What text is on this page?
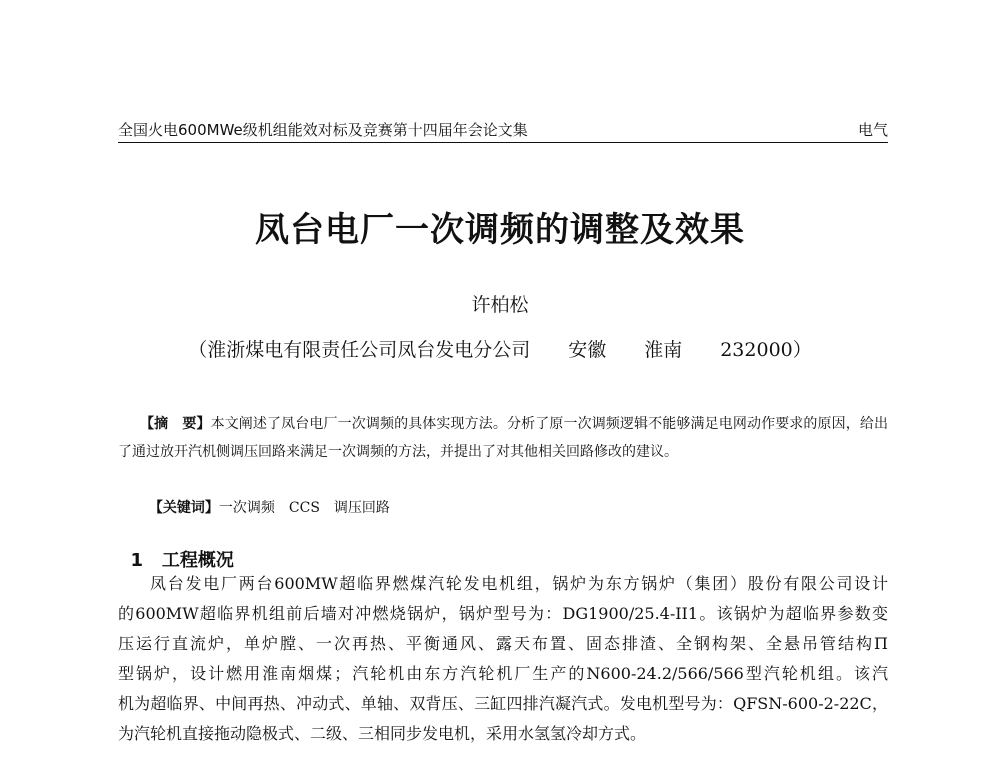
全国火电600MWe级机组能效对标及竞赛第十四届年会论文集	电气
凤台电厂一次调频的调整及效果
许柏松
（淮浙煤电有限责任公司凤台发电分公司　　安徽　　淮南　　232000）
【摘　要】本文阐述了凤台电厂一次调频的具体实现方法。分析了原一次调频逻辑不能够满足电网动作要求的原因，给出了通过放开汽机侧调压回路来满足一次调频的方法，并提出了对其他相关回路修改的建议。

【关键词】一次调频　CCS　调压回路

1 工程概况

凤台发电厂两台600MW超临界燃煤汽轮发电机组，锅炉为东方锅炉（集团）股份有限公司设计
的600MW超临界机组前后墙对冲燃烧锅炉，锅炉型号为：DG1900/25.4-II1。该锅炉为超临界参数变
压运行直流炉，单炉膛、一次再热、平衡通风、露天布置、固态排渣、全钢构架、全悬吊管结构Π
型锅炉，设计燃用淮南烟煤；汽轮机由东方汽轮机厂生产的N600-24.2/566/566型汽轮机组。该汽
机为超临界、中间再热、冲动式、单轴、双背压、三缸四排汽凝汽式。发电机型号为：QFSN-600-2-22C，
为汽轮机直接拖动隐极式、二级、三相同步发电机，采用水氢氢冷却方式。
